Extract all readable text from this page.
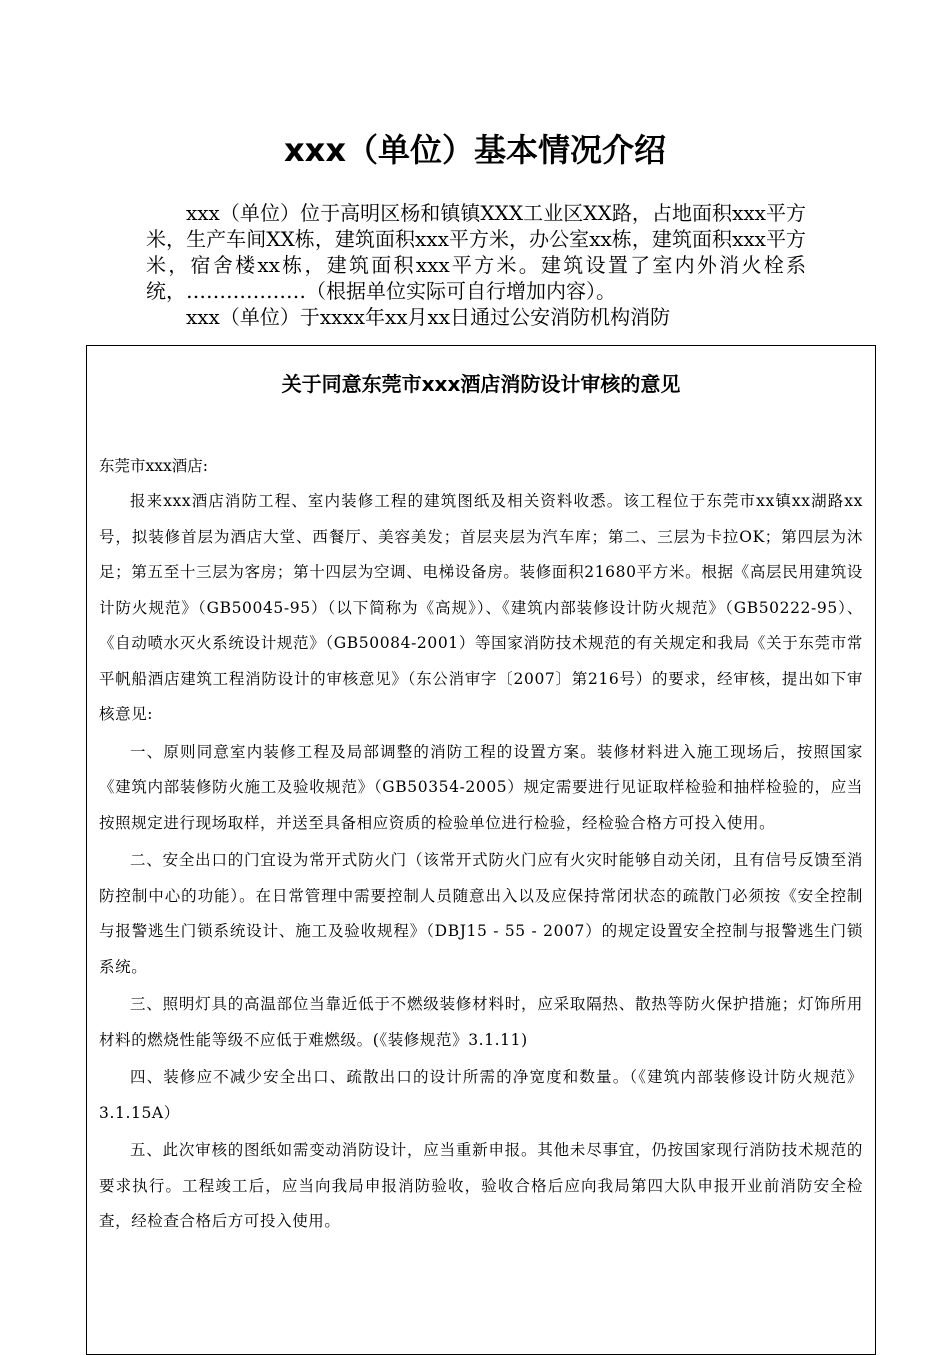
xxx（单位）基本情况介绍

xxx（单位）位于高明区杨和镇镇XXX工业区XX路，占地面积xxx平方米，生产车间XX栋，建筑面积xxx平方米，办公室xx栋，建筑面积xxx平方米，宿舍楼xx栋，建筑面积xxx平方米。建筑设置了室内外消火栓系统，………………（根据单位实际可自行增加内容）。

xxx（单位）于xxxx年xx月xx日通过公安消防机构消防

关于同意东莞市xxx酒店消防设计审核的意见

东莞市xxx酒店:

报来xxx酒店消防工程、室内装修工程的建筑图纸及相关资料收悉。该工程位于东莞市xx镇xx湖路xx号，拟装修首层为酒店大堂、西餐厅、美容美发；首层夹层为汽车库；第二、三层为卡拉OK；第四层为沐足；第五至十三层为客房；第十四层为空调、电梯设备房。装修面积21680平方米。根据《高层民用建筑设计防火规范》（GB50045-95）（以下简称为《高规》）、《建筑内部装修设计防火规范》（GB50222-95）、《自动喷水灭火系统设计规范》（GB50084-2001）等国家消防技术规范的有关规定和我局《关于东莞市常平帆船酒店建筑工程消防设计的审核意见》（东公消审字〔2007〕第216号）的要求，经审核，提出如下审核意见:

一、原则同意室内装修工程及局部调整的消防工程的设置方案。装修材料进入施工现场后，按照国家《建筑内部装修防火施工及验收规范》（GB50354-2005）规定需要进行见证取样检验和抽样检验的，应当按照规定进行现场取样，并送至具备相应资质的检验单位进行检验，经检验合格方可投入使用。

二、安全出口的门宜设为常开式防火门（该常开式防火门应有火灾时能够自动关闭，且有信号反馈至消防控制中心的功能）。在日常管理中需要控制人员随意出入以及应保持常闭状态的疏散门必须按《安全控制与报警逃生门锁系统设计、施工及验收规程》（DBJ15 - 55 - 2007）的规定设置安全控制与报警逃生门锁系统。

三、照明灯具的高温部位当靠近低于不燃级装修材料时，应采取隔热、散热等防火保护措施；灯饰所用材料的燃烧性能等级不应低于难燃级。(《装修规范》3.1.11)

四、装修应不减少安全出口、疏散出口的设计所需的净宽度和数量。（《建筑内部装修设计防火规范》3.1.15A）

五、此次审核的图纸如需变动消防设计，应当重新申报。其他未尽事宜，仍按国家现行消防技术规范的要求执行。工程竣工后，应当向我局申报消防验收，验收合格后应向我局第四大队申报开业前消防安全检查，经检查合格后方可投入使用。
